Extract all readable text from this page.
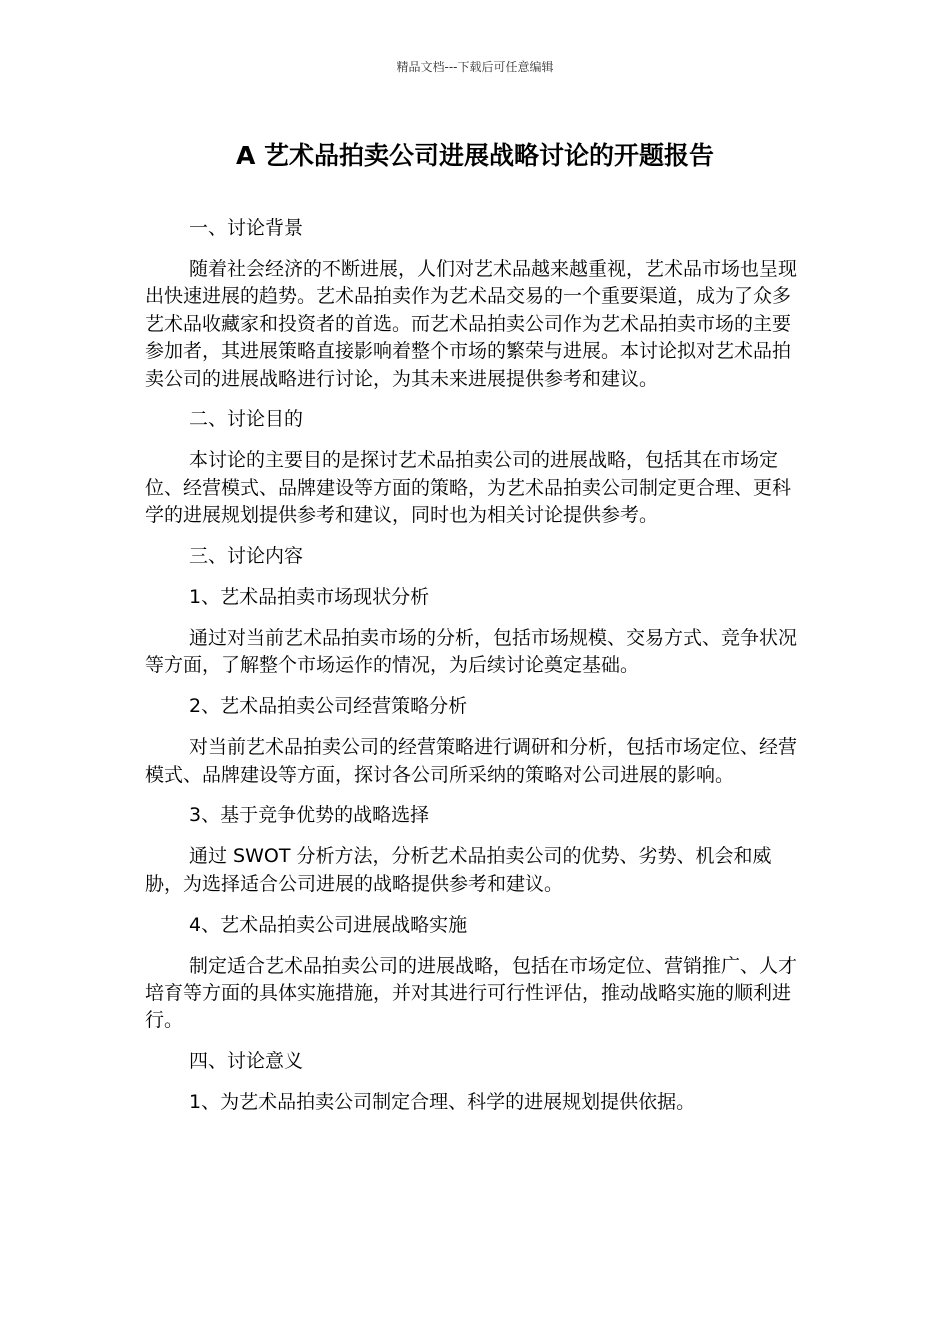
精品文档---下载后可任意编辑
A 艺术品拍卖公司进展战略讨论的开题报告

一、讨论背景

随着社会经济的不断进展，人们对艺术品越来越重视，艺术品市场也呈现出快速进展的趋势。艺术品拍卖作为艺术品交易的一个重要渠道，成为了众多艺术品收藏家和投资者的首选。而艺术品拍卖公司作为艺术品拍卖市场的主要参加者，其进展策略直接影响着整个市场的繁荣与进展。本讨论拟对艺术品拍卖公司的进展战略进行讨论，为其未来进展提供参考和建议。

二、讨论目的

本讨论的主要目的是探讨艺术品拍卖公司的进展战略，包括其在市场定位、经营模式、品牌建设等方面的策略，为艺术品拍卖公司制定更合理、更科学的进展规划提供参考和建议，同时也为相关讨论提供参考。

三、讨论内容

1、艺术品拍卖市场现状分析

通过对当前艺术品拍卖市场的分析，包括市场规模、交易方式、竞争状况等方面，了解整个市场运作的情况，为后续讨论奠定基础。

2、艺术品拍卖公司经营策略分析

对当前艺术品拍卖公司的经营策略进行调研和分析，包括市场定位、经营模式、品牌建设等方面，探讨各公司所采纳的策略对公司进展的影响。

3、基于竞争优势的战略选择

通过 SWOT 分析方法，分析艺术品拍卖公司的优势、劣势、机会和威胁，为选择适合公司进展的战略提供参考和建议。

4、艺术品拍卖公司进展战略实施

制定适合艺术品拍卖公司的进展战略，包括在市场定位、营销推广、人才培育等方面的具体实施措施，并对其进行可行性评估，推动战略实施的顺利进行。

四、讨论意义

1、为艺术品拍卖公司制定合理、科学的进展规划提供依据。
